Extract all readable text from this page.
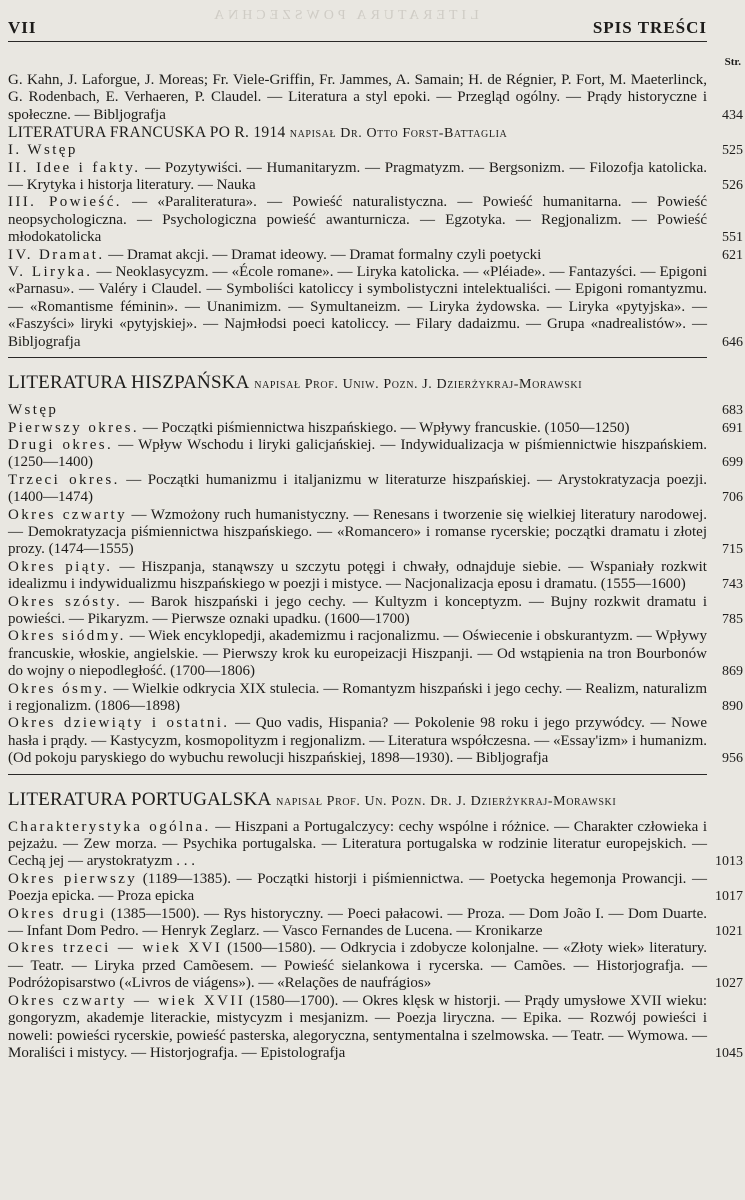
LITERATURA POWSZECHNA
VII	SPIS TREŚCI
Str.

G. Kahn, J. Laforgue, J. Moreas; Fr. Viele-Griffin, Fr. Jammes, A. Samain; H. de Régnier, P. Fort, M. Maeterlinck, G. Rodenbach, E. Verhaeren, P. Claudel. — Literatura a styl epoki. — Przegląd ogólny. — Prądy historyczne i społeczne. — Bibljografja	434

LITERATURA FRANCUSKA PO R. 1914 napisał Dr. Otto Forst-Battaglia

I. Wstęp	525

II. Idee i fakty. — Pozytywiści. — Humanitaryzm. — Pragmatyzm. — Bergsonizm. — Filozofja katolicka. — Krytyka i historja literatury. — Nauka	526

III. Powieść. — «Paraliteratura». — Powieść naturalistyczna. — Powieść humanitarna. — Powieść neopsychologiczna. — Psychologiczna powieść awanturnicza. — Egzotyka. — Regjonalizm. — Powieść młodokatolicka	551

IV. Dramat. — Dramat akcji. — Dramat ideowy. — Dramat formalny czyli poetycki	621

V. Liryka. — Neoklasycyzm. — «École romane». — Liryka katolicka. — «Pléiade». — Fantazyści. — Epigoni «Parnasu». — Valéry i Claudel. — Symboliści katoliccy i symbolistyczni intelektualiści. — Epigoni romantyzmu. — «Romantisme féminin». — Unanimizm. — Symultaneizm. — Liryka żydowska. — Liryka «pytyjska». — «Faszyści» liryki «pytyjskiej». — Najmłodsi poeci katoliccy. — Filary dadaizmu. — Grupa «nadrealistów». — Bibljografja	646

LITERATURA HISZPAŃSKA napisał Prof. Uniw. Pozn. J. Dzierżykraj-Morawski

Wstęp	683

Pierwszy okres. — Początki piśmiennictwa hiszpańskiego. — Wpływy francuskie. (1050—1250)	691

Drugi okres. — Wpływ Wschodu i liryki galicjańskiej. — Indywidualizacja w piśmiennictwie hiszpańskiem. (1250—1400)	699

Trzeci okres. — Początki humanizmu i italjanizmu w literaturze hiszpańskiej. — Arystokratyzacja poezji. (1400—1474)	706

Okres czwarty — Wzmożony ruch humanistyczny. — Renesans i tworzenie się wielkiej literatury narodowej. — Demokratyzacja piśmiennictwa hiszpańskiego. — «Romancero» i romanse rycerskie; początki dramatu i złotej prozy. (1474—1555)	715

Okres piąty. — Hiszpanja, stanąwszy u szczytu potęgi i chwały, odnajduje siebie. — Wspaniały rozkwit idealizmu i indywidualizmu hiszpańskiego w poezji i mistyce. — Nacjonalizacja eposu i dramatu. (1555—1600)	743

Okres szósty. — Barok hiszpański i jego cechy. — Kultyzm i konceptyzm. — Bujny rozkwit dramatu i powieści. — Pikaryzm. — Pierwsze oznaki upadku. (1600—1700)	785

Okres siódmy. — Wiek encyklopedji, akademizmu i racjonalizmu. — Oświecenie i obskurantyzm. — Wpływy francuskie, włoskie, angielskie. — Pierwszy krok ku europeizacji Hiszpanji. — Od wstąpienia na tron Bourbonów do wojny o niepodległość. (1700—1806)	869

Okres ósmy. — Wielkie odkrycia XIX stulecia. — Romantyzm hiszpański i jego cechy. — Realizm, naturalizm i regjonalizm. (1806—1898)	890

Okres dziewiąty i ostatni. — Quo vadis, Hispania? — Pokolenie 98 roku i jego przywódcy. — Nowe hasła i prądy. — Kastycyzm, kosmopolityzm i regjonalizm. — Literatura współczesna. — «Essay'izm» i humanizm. (Od pokoju paryskiego do wybuchu rewolucji hiszpańskiej, 1898—1930). — Bibljografja	956

LITERATURA PORTUGALSKA napisał Prof. Un. Pozn. Dr. J. Dzierżykraj-Morawski

Charakterystyka ogólna. — Hiszpani a Portugalczycy: cechy wspólne i różnice. — Charakter człowieka i pejzażu. — Zew morza. — Psychika portugalska. — Literatura portugalska w rodzinie literatur europejskich. — Cechą jej — arystokratyzm . . .	1013

Okres pierwszy (1189—1385). — Początki historji i piśmiennictwa. — Poetycka hegemonja Prowancji. — Poezja epicka. — Proza epicka	1017

Okres drugi (1385—1500). — Rys historyczny. — Poeci pałacowi. — Proza. — Dom João I. — Dom Duarte. — Infant Dom Pedro. — Henryk Zeglarz. — Vasco Fernandes de Lucena. — Kronikarze	1021

Okres trzeci — wiek XVI (1500—1580). — Odkrycia i zdobycze kolonjalne. — «Złoty wiek» literatury. — Teatr. — Liryka przed Camõesem. — Powieść sielankowa i rycerska. — Camões. — Historjografja. — Podróżopisarstwo («Livros de viágens»). — «Relações de naufrágios»	1027

Okres czwarty — wiek XVII (1580—1700). — Okres klęsk w historji. — Prądy umysłowe XVII wieku: gongoryzm, akademje literackie, mistycyzm i mesjanizm. — Poezja liryczna. — Epika. — Rozwój powieści i noweli: powieści rycerskie, powieść pasterska, alegoryczna, sentymentalna i szelmowska. — Teatr. — Wymowa. — Moraliści i mistycy. — Historjografja. — Epistolografja	1045
